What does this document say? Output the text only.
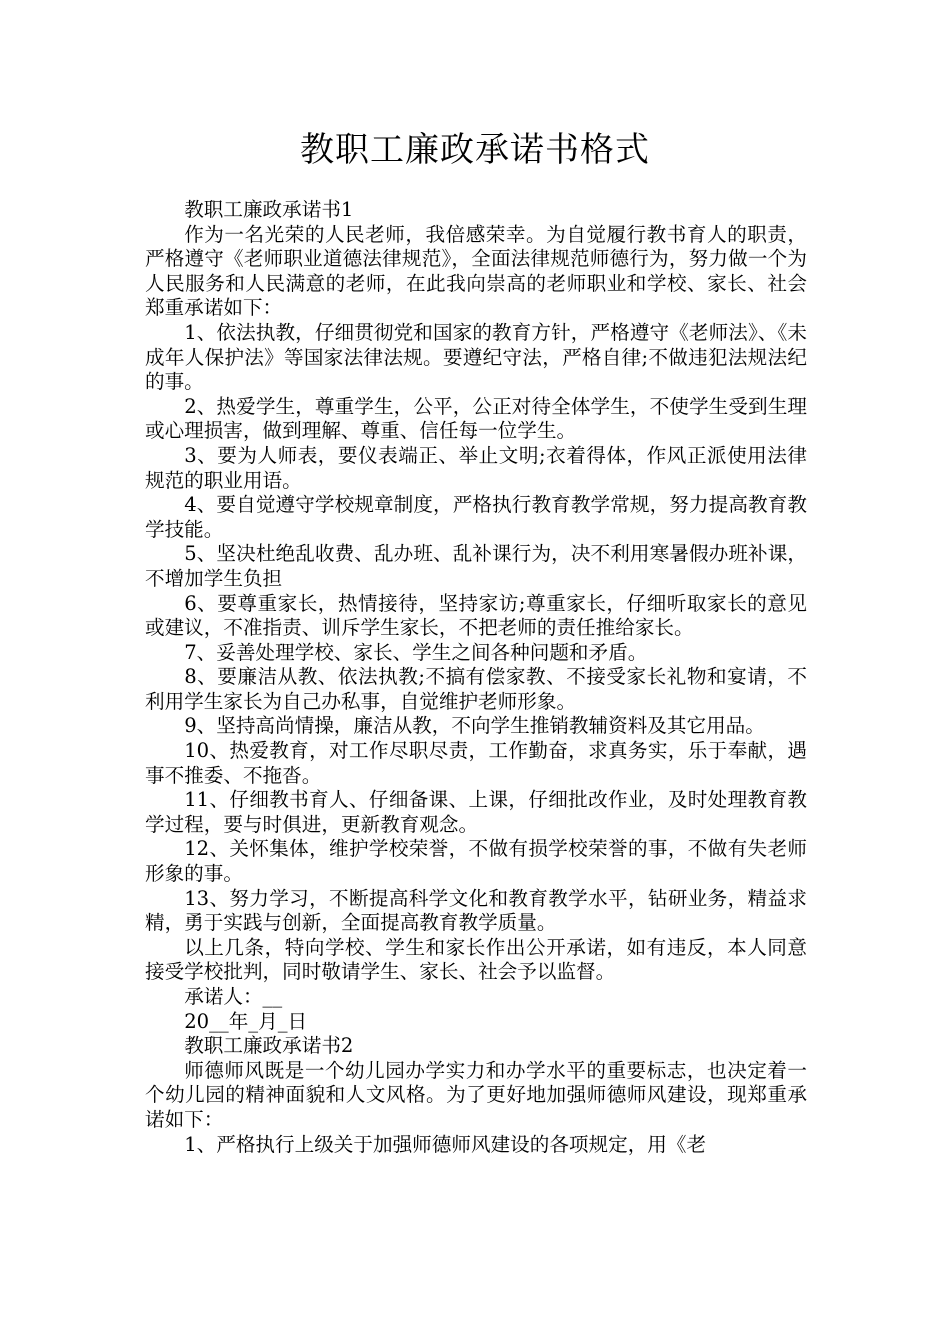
教职工廉政承诺书格式

教职工廉政承诺书1

作为一名光荣的人民老师，我倍感荣幸。为自觉履行教书育人的职责，严格遵守《老师职业道德法律规范》，全面法律规范师德行为，努力做一个为人民服务和人民满意的老师，在此我向崇高的老师职业和学校、家长、社会郑重承诺如下：

1、依法执教，仔细贯彻党和国家的教育方针，严格遵守《老师法》、《未成年人保护法》等国家法律法规。要遵纪守法，严格自律;不做违犯法规法纪的事。

2、热爱学生，尊重学生，公平，公正对待全体学生，不使学生受到生理或心理损害，做到理解、尊重、信任每一位学生。

3、要为人师表，要仪表端正、举止文明;衣着得体，作风正派使用法律规范的职业用语。

4、要自觉遵守学校规章制度，严格执行教育教学常规，努力提高教育教学技能。

5、坚决杜绝乱收费、乱办班、乱补课行为，决不利用寒暑假办班补课，不增加学生负担

6、要尊重家长，热情接待，坚持家访;尊重家长，仔细听取家长的意见或建议，不准指责、训斥学生家长，不把老师的责任推给家长。

7、妥善处理学校、家长、学生之间各种问题和矛盾。

8、要廉洁从教、依法执教;不搞有偿家教、不接受家长礼物和宴请，不利用学生家长为自己办私事，自觉维护老师形象。

9、坚持高尚情操，廉洁从教，不向学生推销教辅资料及其它用品。

10、热爱教育，对工作尽职尽责，工作勤奋，求真务实，乐于奉献，遇事不推委、不拖沓。

11、仔细教书育人、仔细备课、上课，仔细批改作业，及时处理教育教学过程，要与时俱进，更新教育观念。

12、关怀集体，维护学校荣誉，不做有损学校荣誉的事，不做有失老师形象的事。

13、努力学习，不断提高科学文化和教育教学水平，钻研业务，精益求精，勇于实践与创新，全面提高教育教学质量。

以上几条，特向学校、学生和家长作出公开承诺，如有违反，本人同意接受学校批判，同时敬请学生、家长、社会予以监督。

承诺人：__

20__年_月_日

教职工廉政承诺书2

师德师风既是一个幼儿园办学实力和办学水平的重要标志，也决定着一个幼儿园的精神面貌和人文风格。为了更好地加强师德师风建设，现郑重承诺如下：

1、严格执行上级关于加强师德师风建设的各项规定，用《老
